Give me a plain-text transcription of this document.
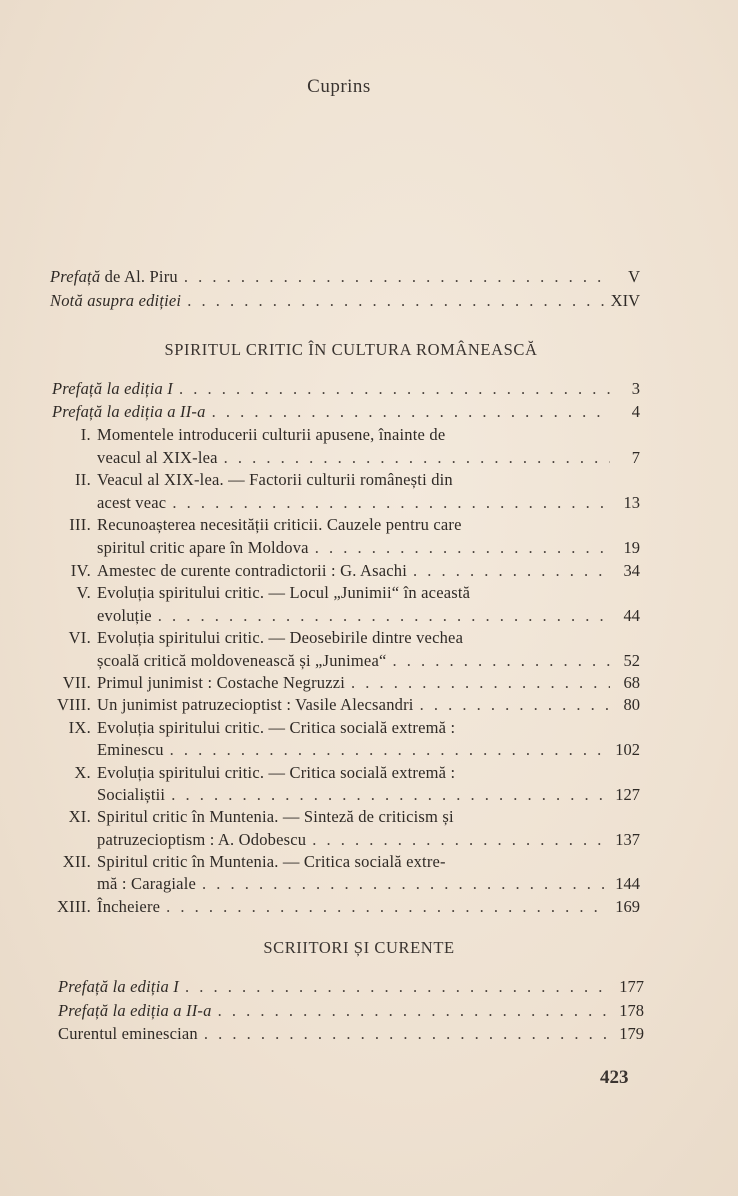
Cuprins
Prefață de Al. Piru . . .	V
Notă asupra ediției . . .	XIV
SPIRITUL CRITIC ÎN CULTURA ROMÂNEASCĂ
Prefață la ediția I . . .	3
Prefață la ediția a II-a . . .	4
I. Momentele introducerii culturii apusene, înainte de
veacul al XIX-lea . . .	7
II. Veacul al XIX-lea. — Factorii culturii românești din
acest veac . . .	13
III. Recunoașterea necesității criticii. Cauzele pentru care
spiritul critic apare în Moldova . . .	19
IV. Amestec de curente contradictorii : G. Asachi . . .	34
V. Evoluția spiritului critic. — Locul „Junimii“ în această
evoluție . . .	44
VI. Evoluția spiritului critic. — Deosebirile dintre vechea
școală critică moldovenească și „Junimea“ . . .	52
VII. Primul junimist : Costache Negruzzi . . .	68
VIII. Un junimist patruzecioptist : Vasile Alecsandri . . .	80
IX. Evoluția spiritului critic. — Critica socială extremă :
Eminescu . . .	102
X. Evoluția spiritului critic. — Critica socială extremă :
Socialiștii . . .	127
XI. Spiritul critic în Muntenia. — Sinteză de criticism și
patruzecioptism : A. Odobescu . . .	137
XII. Spiritul critic în Muntenia. — Critica socială extre-
mă : Caragiale . . .	144
XIII. Încheiere . . .	169
SCRIITORI ȘI CURENTE
Prefață la ediția I . . .	177
Prefață la ediția a II-a . . .	178
Curentul eminescian . . .	179
423
